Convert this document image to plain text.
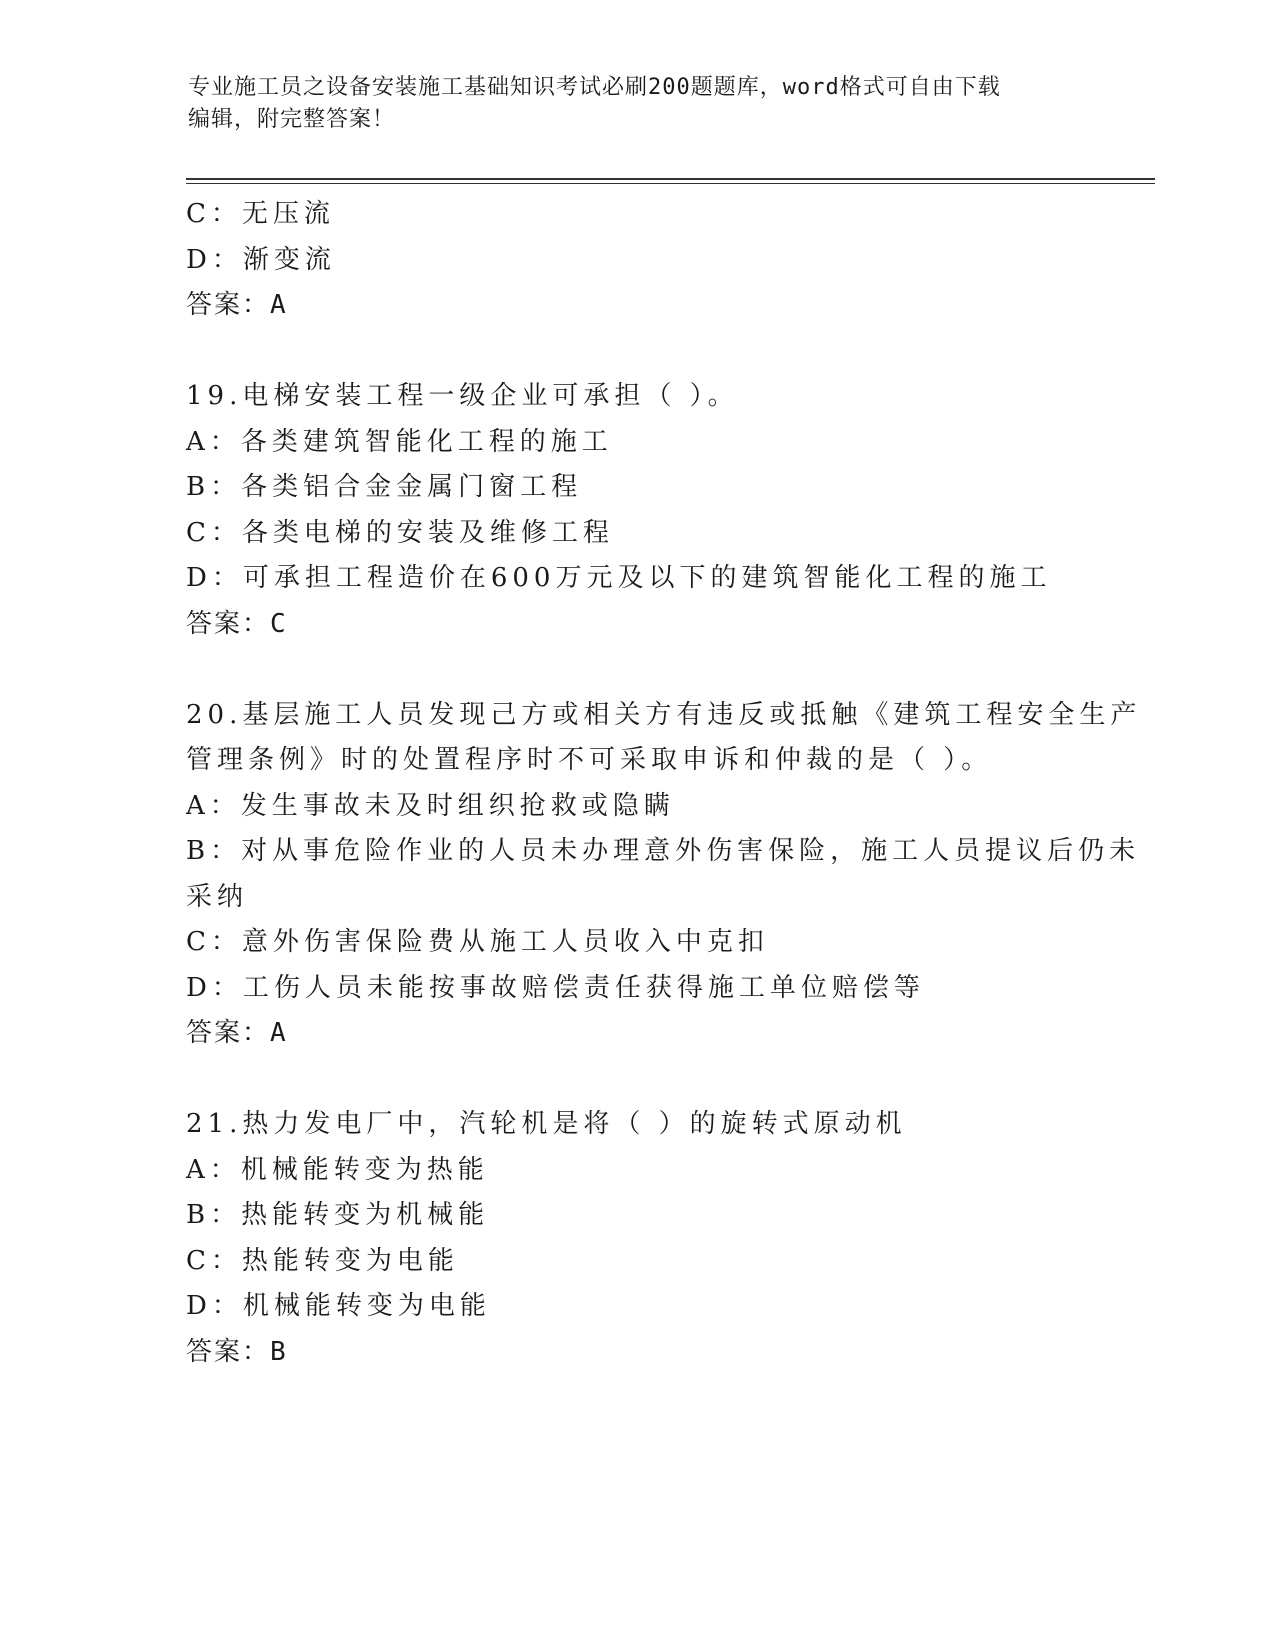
专业施工员之设备安装施工基础知识考试必刷200题题库，word格式可自由下载
编辑，附完整答案！
C：无压流
D：渐变流
答案：A
19.电梯安装工程一级企业可承担（ ）。
A：各类建筑智能化工程的施工
B：各类铝合金金属门窗工程
C：各类电梯的安装及维修工程
D：可承担工程造价在600万元及以下的建筑智能化工程的施工
答案：C
20.基层施工人员发现己方或相关方有违反或抵触《建筑工程安全生产
管理条例》时的处置程序时不可采取申诉和仲裁的是（ ）。
A：发生事故未及时组织抢救或隐瞒
B：对从事危险作业的人员未办理意外伤害保险，施工人员提议后仍未
采纳
C：意外伤害保险费从施工人员收入中克扣
D：工伤人员未能按事故赔偿责任获得施工单位赔偿等
答案：A
21.热力发电厂中，汽轮机是将（ ）的旋转式原动机
A：机械能转变为热能
B：热能转变为机械能
C：热能转变为电能
D：机械能转变为电能
答案：B
